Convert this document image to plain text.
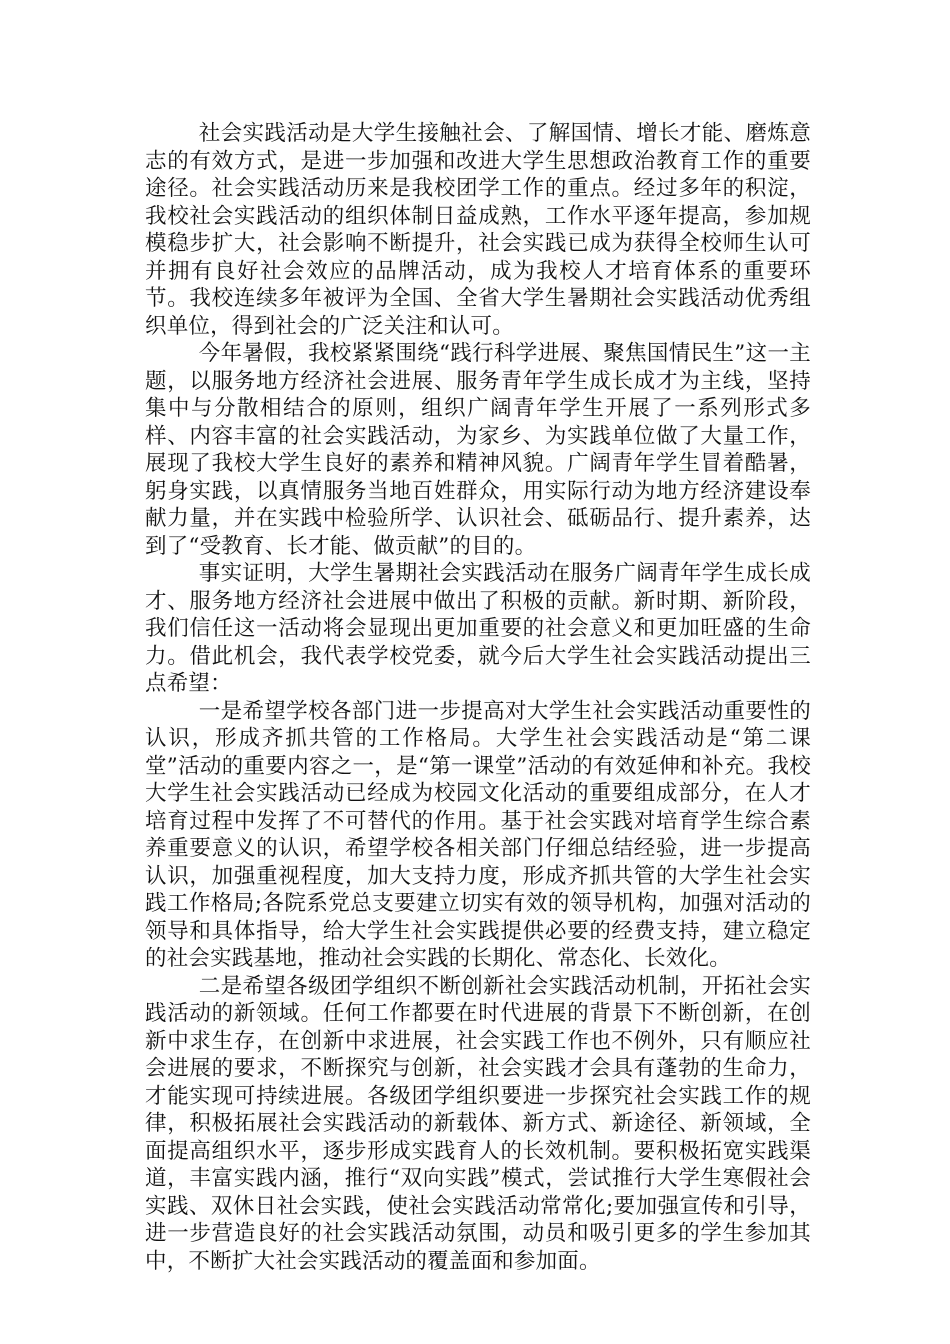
社会实践活动是大学生接触社会、了解国情、增长才能、磨炼意志的有效方式，是进一步加强和改进大学生思想政治教育工作的重要途径。社会实践活动历来是我校团学工作的重点。经过多年的积淀，我校社会实践活动的组织体制日益成熟，工作水平逐年提高，参加规模稳步扩大，社会影响不断提升，社会实践已成为获得全校师生认可并拥有良好社会效应的品牌活动，成为我校人才培育体系的重要环节。我校连续多年被评为全国、全省大学生暑期社会实践活动优秀组织单位，得到社会的广泛关注和认可。

今年暑假，我校紧紧围绕“践行科学进展、聚焦国情民生”这一主题，以服务地方经济社会进展、服务青年学生成长成才为主线，坚持集中与分散相结合的原则，组织广阔青年学生开展了一系列形式多样、内容丰富的社会实践活动，为家乡、为实践单位做了大量工作，展现了我校大学生良好的素养和精神风貌。广阔青年学生冒着酷暑，躬身实践，以真情服务当地百姓群众，用实际行动为地方经济建设奉献力量，并在实践中检验所学、认识社会、砥砺品行、提升素养，达到了“受教育、长才能、做贡献”的目的。

事实证明，大学生暑期社会实践活动在服务广阔青年学生成长成才、服务地方经济社会进展中做出了积极的贡献。新时期、新阶段，我们信任这一活动将会显现出更加重要的社会意义和更加旺盛的生命力。借此机会，我代表学校党委，就今后大学生社会实践活动提出三点希望：

一是希望学校各部门进一步提高对大学生社会实践活动重要性的认识，形成齐抓共管的工作格局。大学生社会实践活动是“第二课堂”活动的重要内容之一，是“第一课堂”活动的有效延伸和补充。我校大学生社会实践活动已经成为校园文化活动的重要组成部分，在人才培育过程中发挥了不可替代的作用。基于社会实践对培育学生综合素养重要意义的认识，希望学校各相关部门仔细总结经验，进一步提高认识，加强重视程度，加大支持力度，形成齐抓共管的大学生社会实践工作格局;各院系党总支要建立切实有效的领导机构，加强对活动的领导和具体指导，给大学生社会实践提供必要的经费支持，建立稳定的社会实践基地，推动社会实践的长期化、常态化、长效化。

二是希望各级团学组织不断创新社会实践活动机制，开拓社会实践活动的新领域。任何工作都要在时代进展的背景下不断创新，在创新中求生存，在创新中求进展，社会实践工作也不例外，只有顺应社会进展的要求，不断探究与创新，社会实践才会具有蓬勃的生命力，才能实现可持续进展。各级团学组织要进一步探究社会实践工作的规律，积极拓展社会实践活动的新载体、新方式、新途径、新领域，全面提高组织水平，逐步形成实践育人的长效机制。要积极拓宽实践渠道，丰富实践内涵，推行“双向实践”模式，尝试推行大学生寒假社会实践、双休日社会实践，使社会实践活动常常化;要加强宣传和引导，进一步营造良好的社会实践活动氛围，动员和吸引更多的学生参加其中，不断扩大社会实践活动的覆盖面和参加面。
